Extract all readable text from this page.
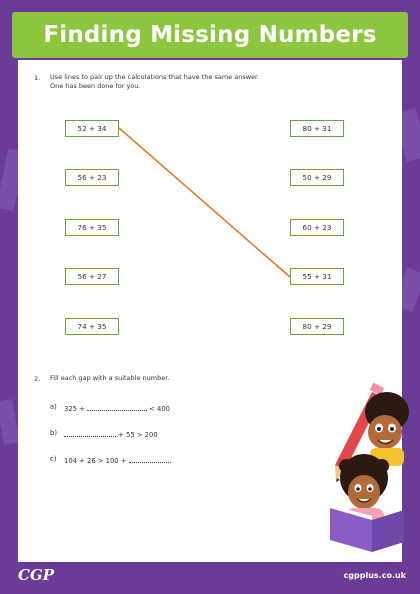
Finding Missing Numbers
1. Use lines to pair up the calculations that have the same answer.
One has been done for you.
52 + 34
56 + 23
76 + 35
56 + 27
74 + 35
80 + 31
50 + 29
60 + 23
55 + 31
80 + 29
2. Fill each gap with a suitable number.
a) 325 +	< 400
b)	+ 55 > 200
c) 104 + 26 > 100 +
CGP	cgpplus.co.uk
